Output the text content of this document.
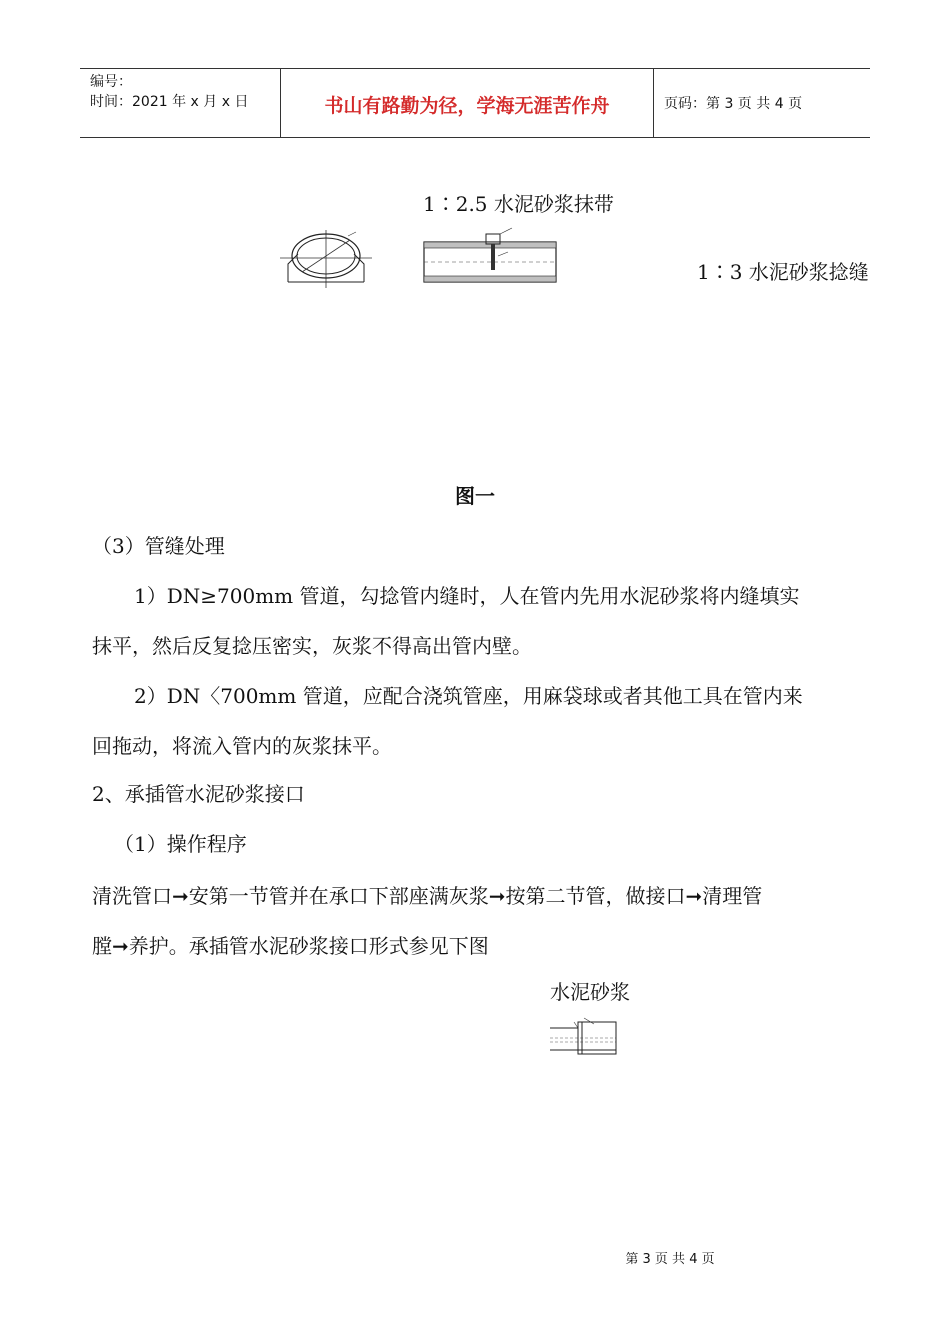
编号：
时间：2021 年 x 月 x 日	书山有路勤为径，学海无涯苦作舟	页码：第 3 页 共 4 页
1∶2.5 水泥砂浆抹带
1∶3 水泥砂浆捻缝
图一
（3）管缝处理
1）DN≥700mm 管道，勾捻管内缝时，人在管内先用水泥砂浆将内缝填实
抹平，然后反复捻压密实，灰浆不得高出管内壁。
2）DN〈700mm 管道，应配合浇筑管座，用麻袋球或者其他工具在管内来
回拖动，将流入管内的灰浆抹平。
2、承插管水泥砂浆接口
（1）操作程序
清洗管口➞安第一节管并在承口下部座满灰浆➞按第二节管，做接口➞清理管
膛➞养护。承插管水泥砂浆接口形式参见下图
水泥砂浆
第 3 页 共 4 页
